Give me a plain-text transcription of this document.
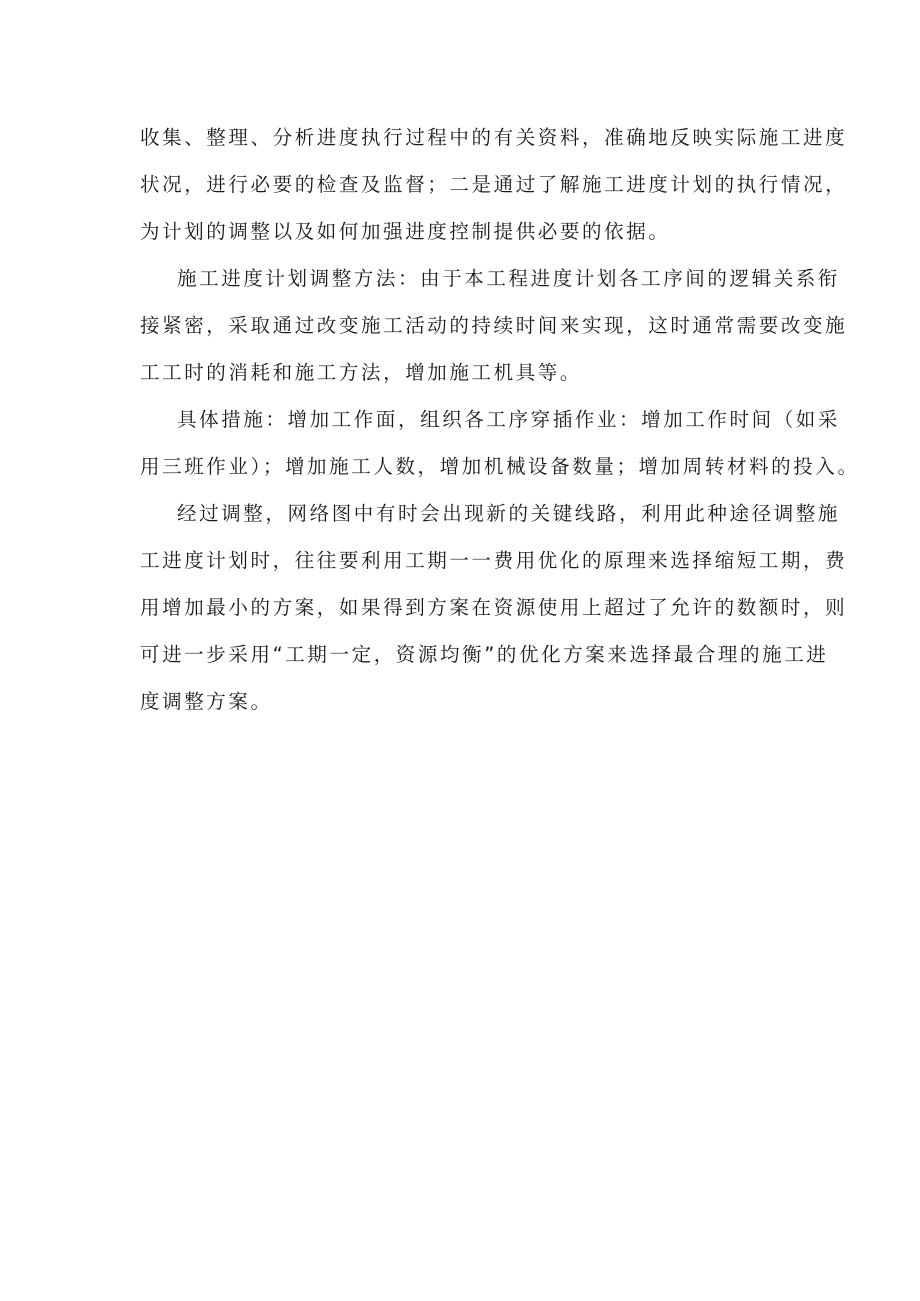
收集、整理、分析进度执行过程中的有关资料，准确地反映实际施工进度

状况，进行必要的检查及监督；二是通过了解施工进度计划的执行情况，

为计划的调整以及如何加强进度控制提供必要的依据。

施工进度计划调整方法：由于本工程进度计划各工序间的逻辑关系衔

接紧密，采取通过改变施工活动的持续时间来实现，这时通常需要改变施

工工时的消耗和施工方法，增加施工机具等。

具体措施：增加工作面，组织各工序穿插作业：增加工作时间（如采

用三班作业）；增加施工人数，增加机械设备数量；增加周转材料的投入。

经过调整，网络图中有时会出现新的关键线路，利用此种途径调整施

工进度计划时，往往要利用工期一一费用优化的原理来选择缩短工期，费

用增加最小的方案，如果得到方案在资源使用上超过了允许的数额时，则

可进一步采用“工期一定，资源均衡”的优化方案来选择最合理的施工进

度调整方案。
